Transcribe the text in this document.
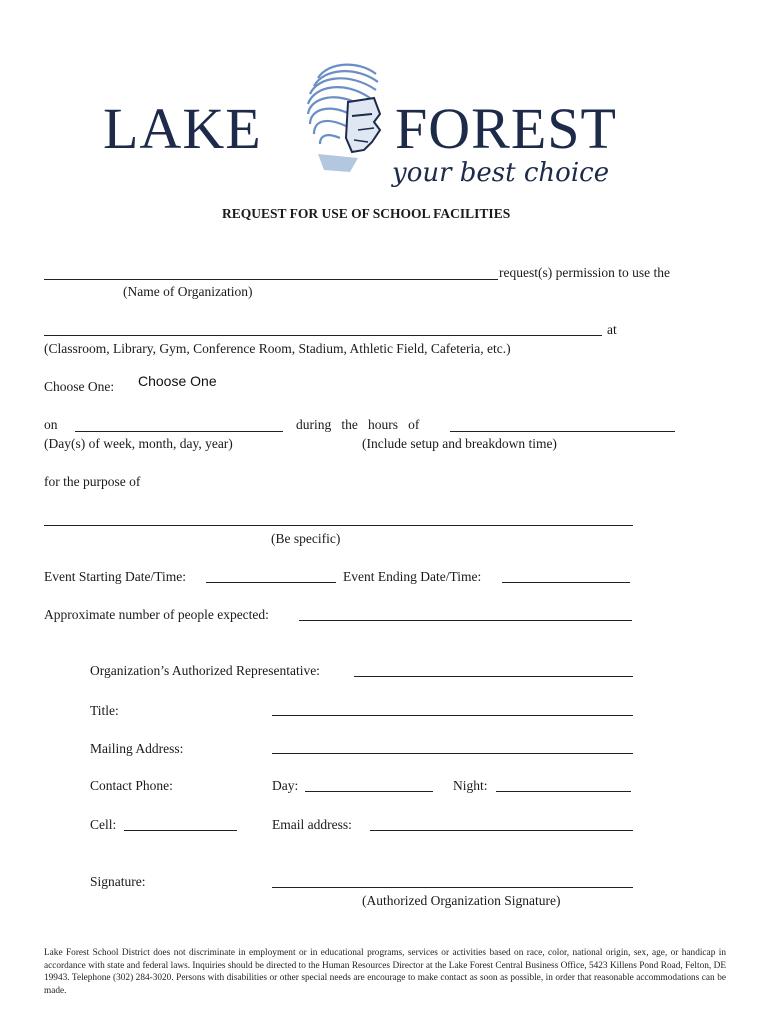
LAKE FOREST
your best choice
REQUEST FOR USE OF SCHOOL FACILITIES
request(s) permission to use the
(Name of Organization)
at
(Classroom, Library, Gym, Conference Room, Stadium, Athletic Field, Cafeteria, etc.)
Choose One: Choose One
on	during   the   hours   of
(Day(s) of week, month, day, year)	(Include setup and breakdown time)
for the purpose of
(Be specific)
Event Starting Date/Time:	Event Ending Date/Time:
Approximate number of people expected:
Organization’s Authorized Representative:
Title:
Mailing Address:
Contact Phone:	Day:	Night:
Cell:	Email address:
Signature:
(Authorized Organization Signature)
Lake Forest School District does not discriminate in employment or in educational programs, services or activities based on race, color, national origin, sex, age, or handicap in accordance with state and federal laws. Inquiries should be directed to the Human Resources Director at the Lake Forest Central Business Office, 5423 Killens Pond Road, Felton, DE 19943. Telephone (302) 284-3020. Persons with disabilities or other special needs are encourage to make contact as soon as possible, in order that reasonable accommodations can be made.
